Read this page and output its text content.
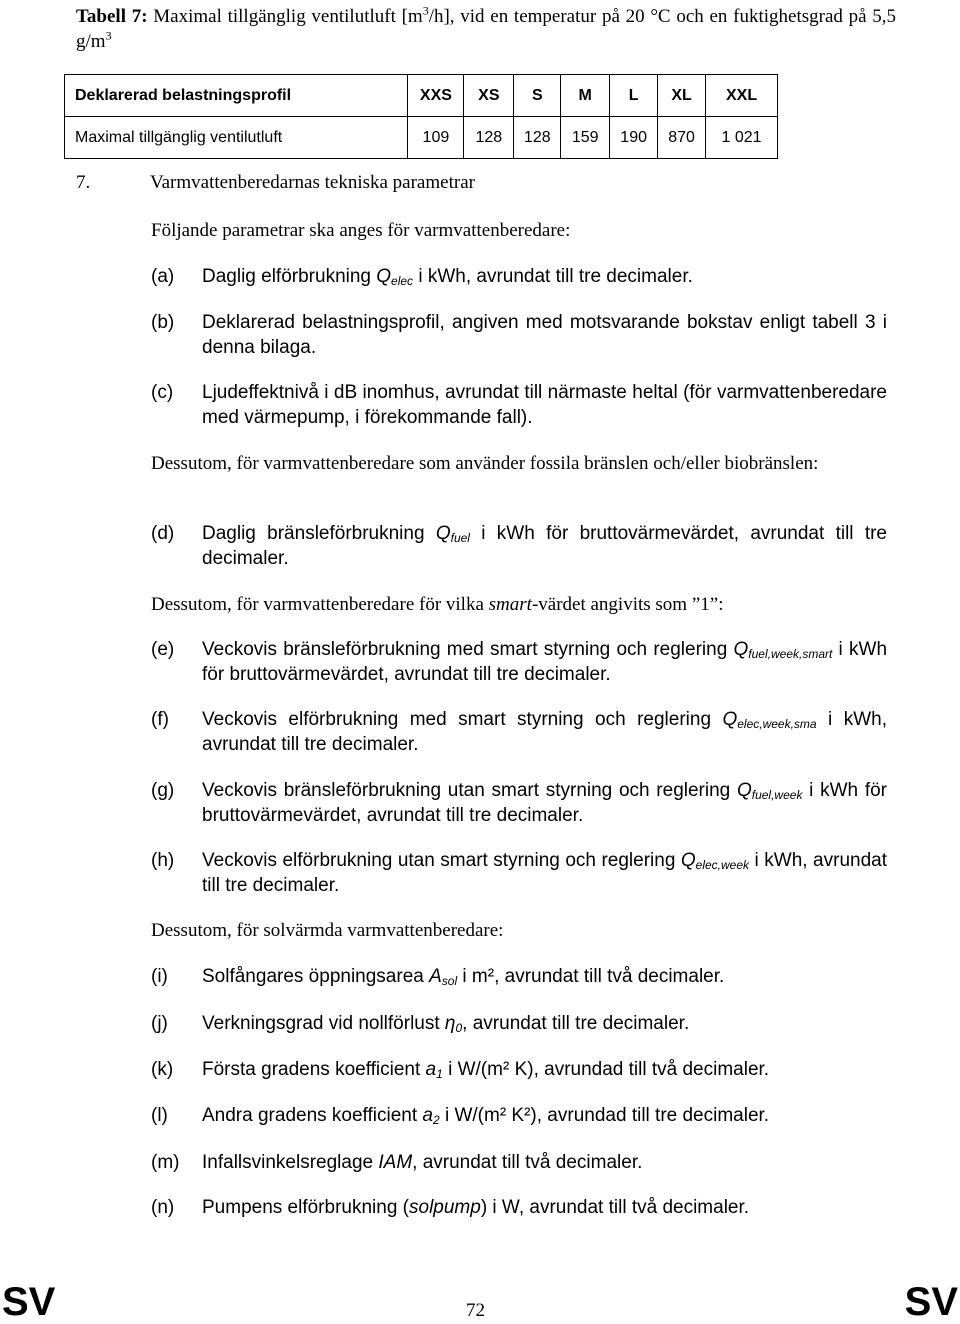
Tabell 7: Maximal tillgänglig ventilutluft $[m^3/h]$, vid en temperatur på 20 °C och en fuktighetsgrad på 5,5 $g/m^3$
Deklarerad belastningsprofil	XXS	XS	S	M	L	XL	XXL
Maximal tillgänglig ventilutluft	109	128	128	159	190	870	1 021
7.	Varmvattenberedarnas tekniska parametrar
Följande parametrar ska anges för varmvattenberedare:
(a) Daglig elförbrukning $Q_{elec}$ i kWh, avrundat till tre decimaler.
(b) Deklarerad belastningsprofil, angiven med motsvarande bokstav enligt tabell 3 i denna bilaga.
(c) Ljudeffektnivå i dB inomhus, avrundat till närmaste heltal (för varmvattenberedare med värmepump, i förekommande fall).
Dessutom, för varmvattenberedare som använder fossila bränslen och/eller biobränslen:
(d) Daglig bränsleförbrukning $Q_{fuel}$ i kWh för bruttovärmevärdet, avrundat till tre decimaler.
Dessutom, för varmvattenberedare för vilka smart-värdet angivits som ”1”:
(e) Veckovis bränsleförbrukning med smart styrning och reglering $Q_{fuel,week,smart}$ i kWh för bruttovärmevärdet, avrundat till tre decimaler.
(f) Veckovis elförbrukning med smart styrning och reglering $Q_{elec,week,sma}$ i kWh, avrundat till tre decimaler.
(g) Veckovis bränsleförbrukning utan smart styrning och reglering $Q_{fuel,week}$ i kWh för bruttovärmevärdet, avrundat till tre decimaler.
(h) Veckovis elförbrukning utan smart styrning och reglering $Q_{elec,week}$ i kWh, avrundat till tre decimaler.
Dessutom, för solvärmda varmvattenberedare:
(i) Solfångares öppningsarea $A_{sol}$ i m², avrundat till två decimaler.
(j) Verkningsgrad vid nollförlust $\eta_0$, avrundat till tre decimaler.
(k) Första gradens koefficient $a_1$ i W/(m² K), avrundad till två decimaler.
(l) Andra gradens koefficient $a_2$ i W/(m² K²), avrundad till tre decimaler.
(m) Infallsvinkelsreglage IAM, avrundat till två decimaler.
(n) Pumpens elförbrukning (solpump) i W, avrundat till två decimaler.
SV	72	SV
